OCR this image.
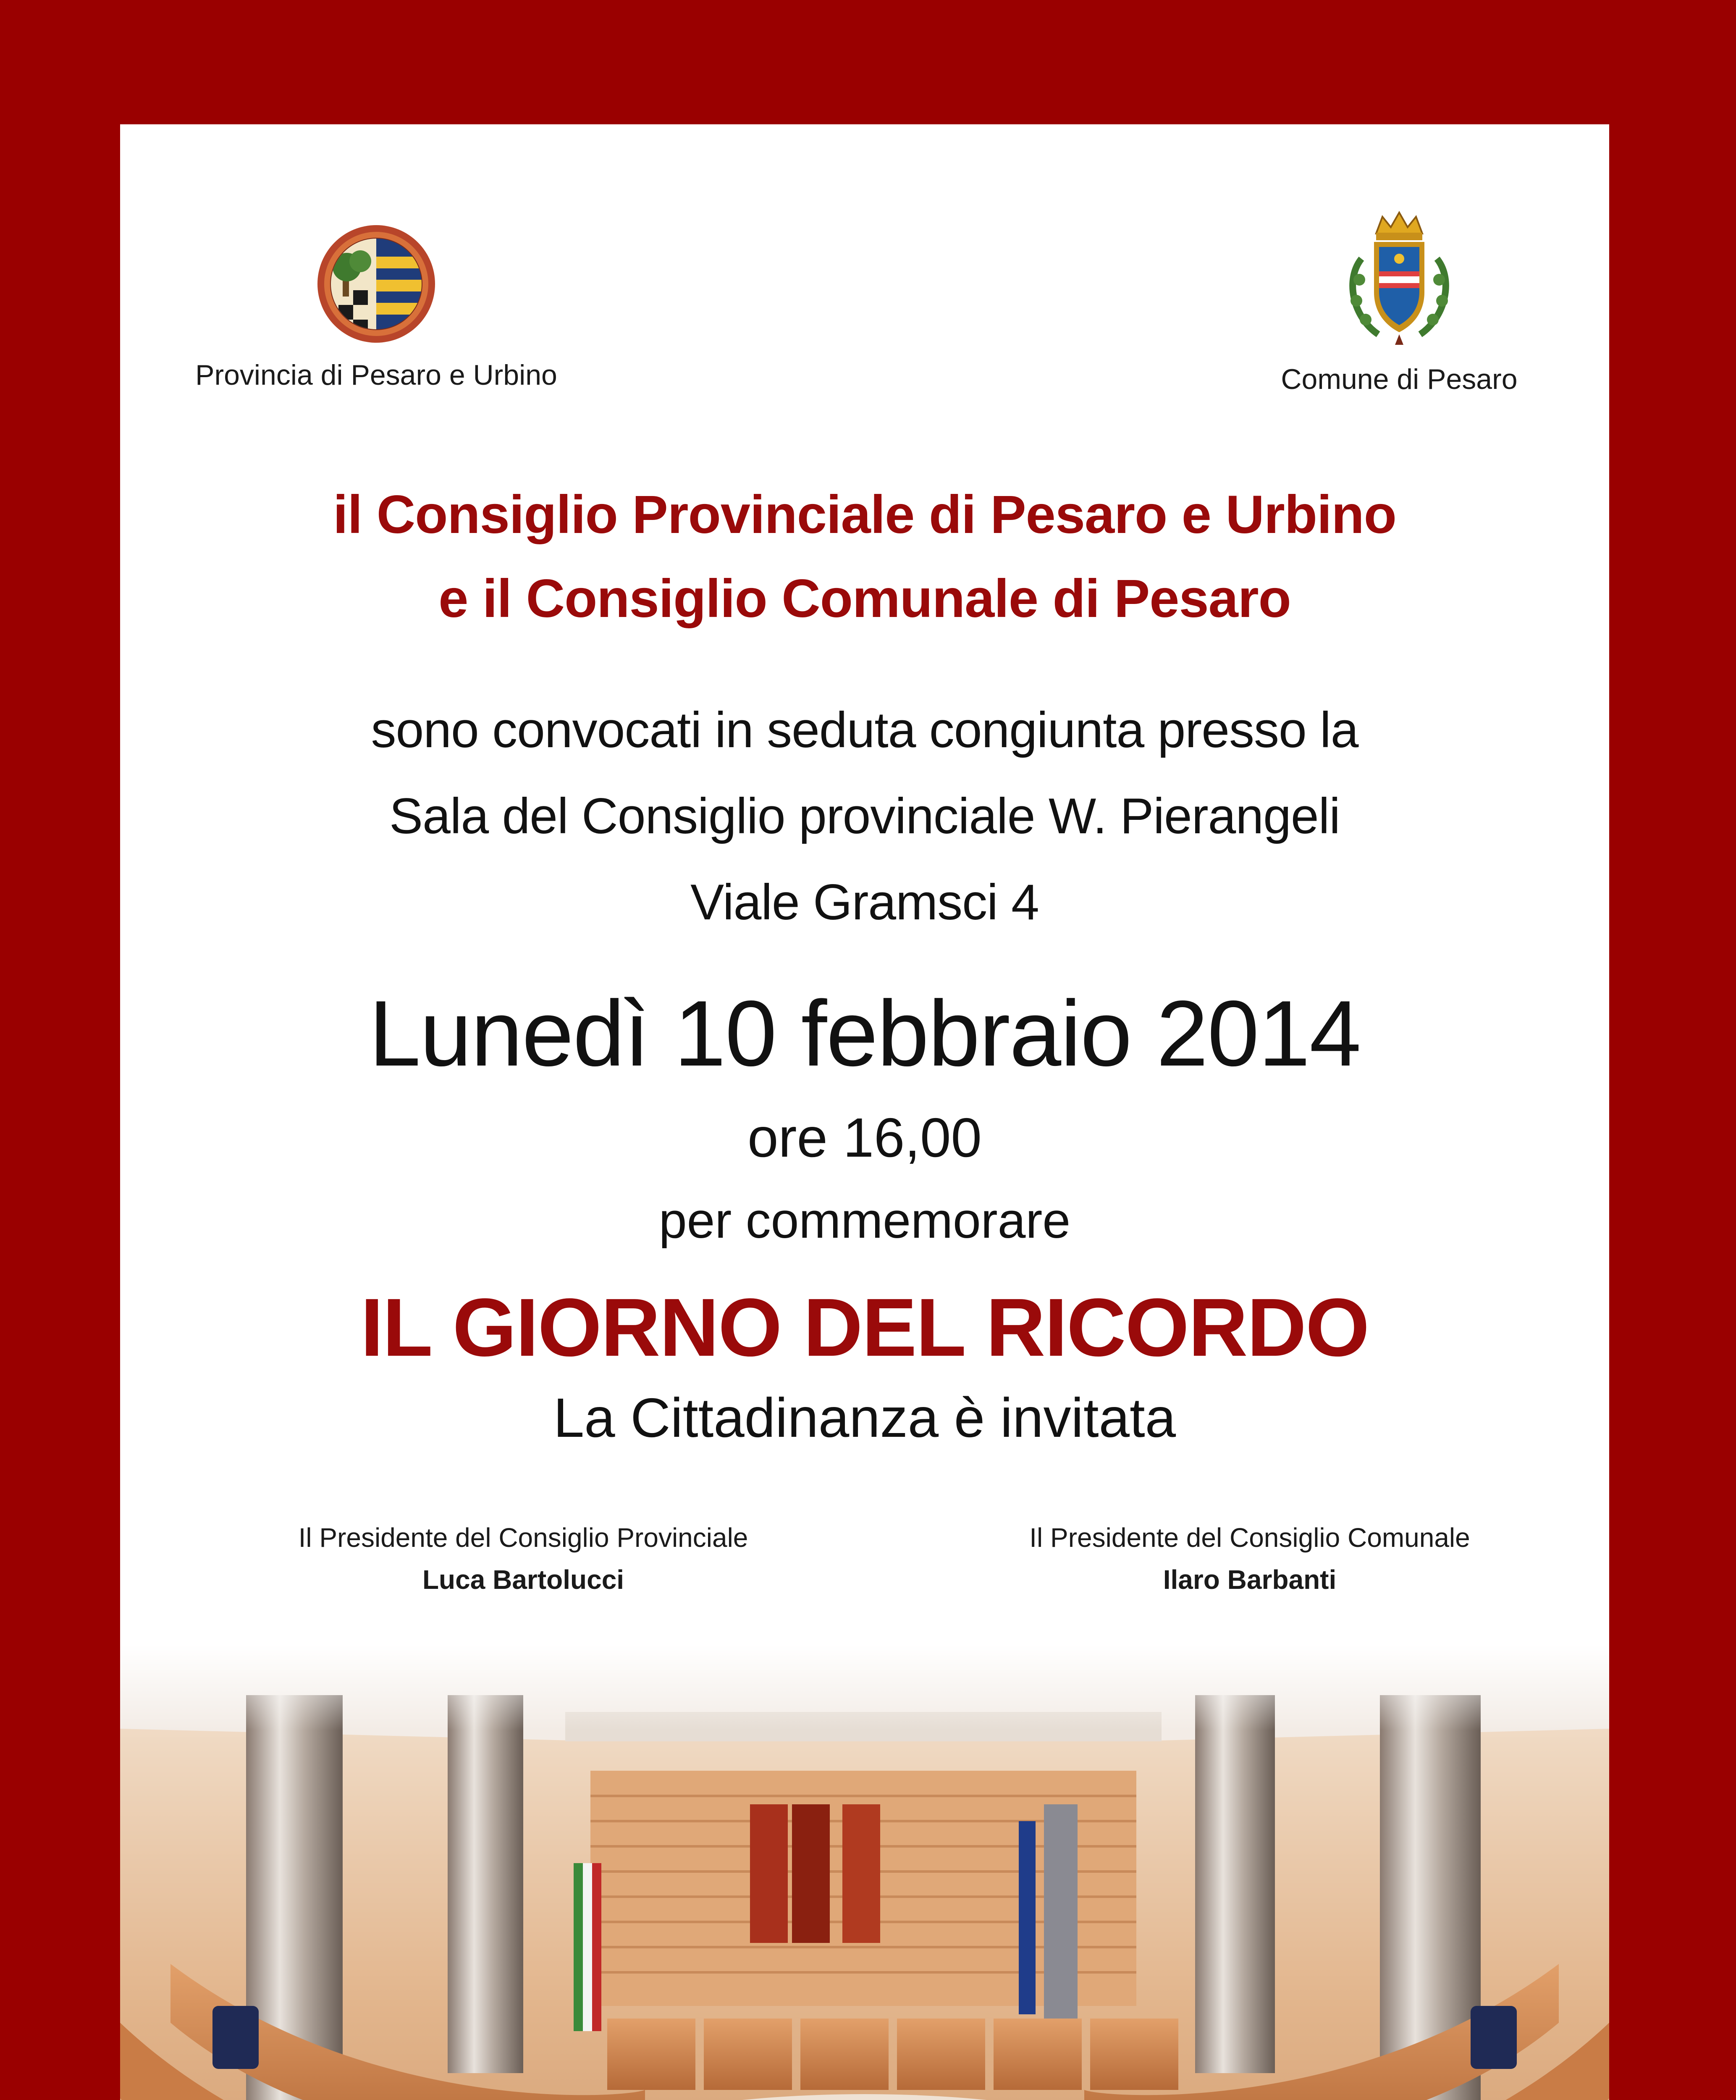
Provincia di Pesaro e Urbino	Comune di Pesaro
il Consiglio Provinciale di Pesaro e Urbino
e il Consiglio Comunale di Pesaro
sono convocati in seduta congiunta presso la
Sala del Consiglio provinciale W. Pierangeli
Viale Gramsci 4
Lunedì 10 febbraio 2014
ore 16,00
per commemorare
IL GIORNO DEL RICORDO
La Cittadinanza è invitata
Il Presidente del Consiglio Provinciale
Luca Bartolucci
Il Presidente del Consiglio Comunale
Ilaro Barbanti
